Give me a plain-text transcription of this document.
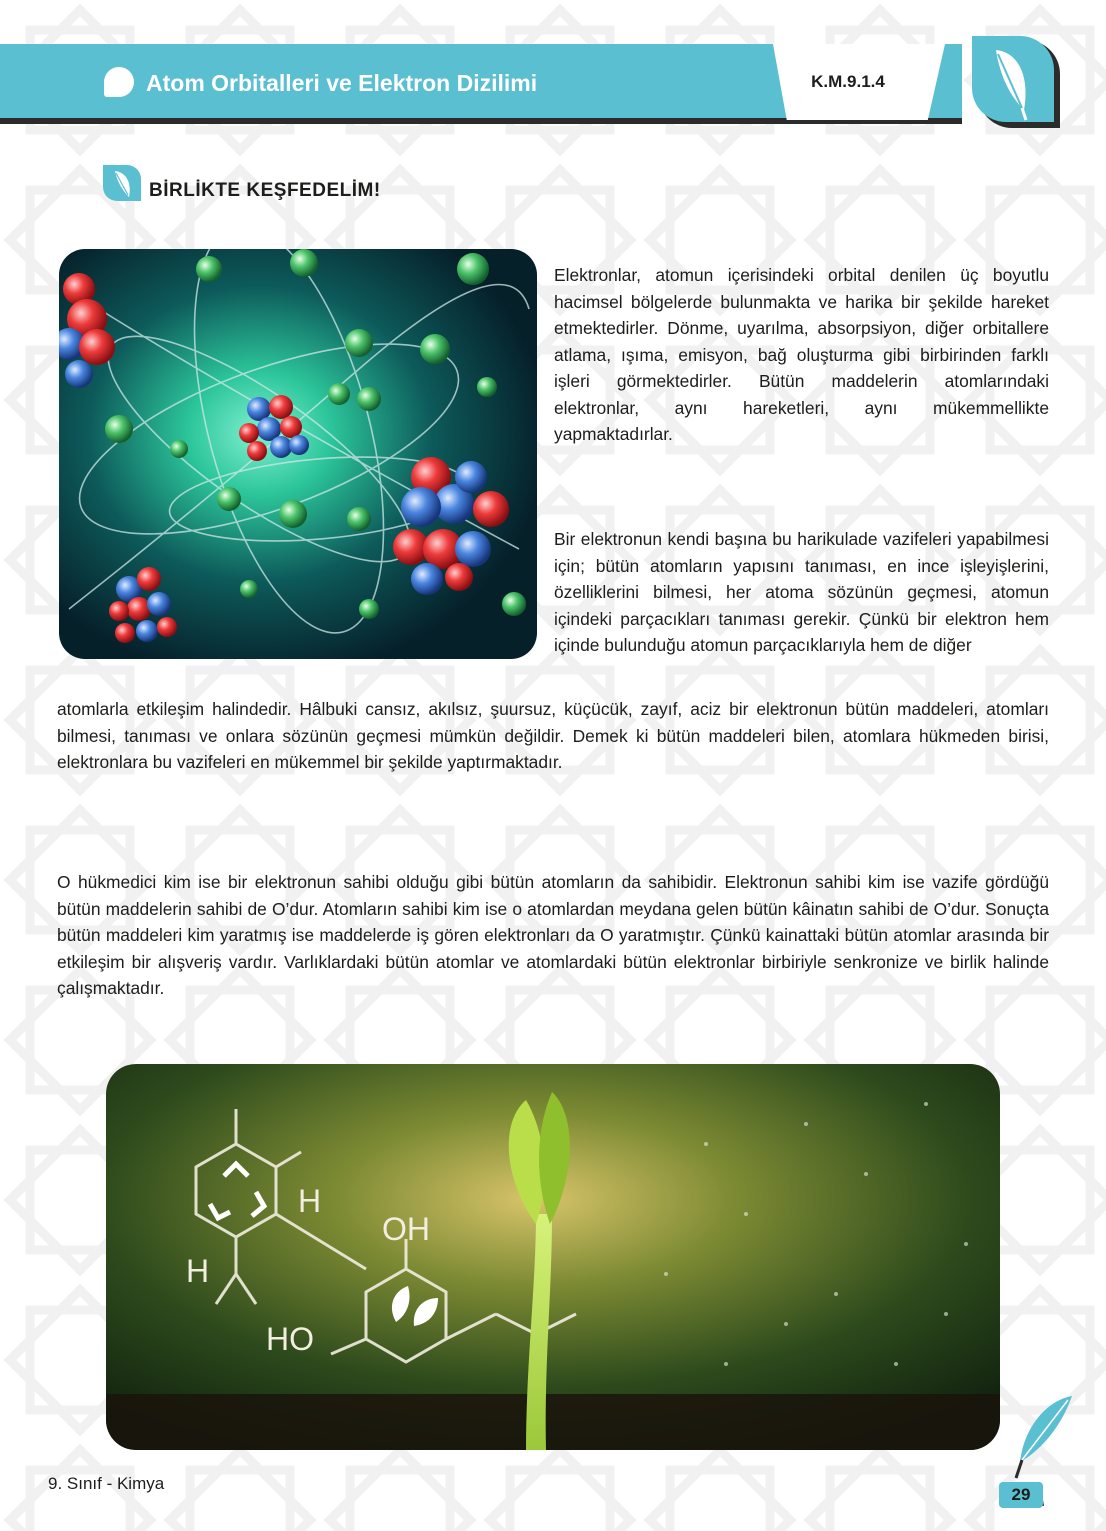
Atom Orbitalleri ve Elektron Dizilimi	K.M.9.1.4
BİRLİKTE KEŞFEDELİM!

Elektronlar, atomun içerisindeki orbital denilen üç boyutlu hacimsel bölgelerde bulunmakta ve harika bir şekilde hareket etmektedirler. Dönme, uyarılma, absorpsiyon, diğer orbitallere atlama, ışıma, emisyon, bağ oluşturma gibi birbirinden farklı işleri görmektedirler. Bütün maddelerin atomlarındaki elektronlar, aynı hareketleri, aynı mükemmellikte yapmaktadırlar.

Bir elektronun kendi başına bu harikulade vazifeleri yapabilmesi için; bütün atomların yapısını tanıması, en ince işleyişlerini, özelliklerini bilmesi, her atoma sözünün geçmesi, atomun içindeki parçacıkları tanıması gerekir. Çünkü bir elektron hem içinde bulunduğu atomun parçacıklarıyla hem de diğer

atomlarla etkileşim halindedir. Hâlbuki cansız, akılsız, şuursuz, küçücük, zayıf, aciz bir elektronun bütün maddeleri, atomları bilmesi, tanıması ve onlara sözünün geçmesi mümkün değildir. Demek ki bütün maddeleri bilen, atomlara hükmeden birisi, elektronlara bu vazifeleri en mükemmel bir şekilde yaptırmaktadır.

O hükmedici kim ise bir elektronun sahibi olduğu gibi bütün atomların da sahibidir. Elektronun sahibi kim ise vazife gördüğü bütün maddelerin sahibi de O’dur. Atomların sahibi kim ise o atomlardan meydana gelen bütün kâinatın sahibi de O’dur. Sonuçta bütün maddeleri kim yaratmış ise maddelerde iş gören elektronları da O yaratmıştır. Çünkü kainattaki bütün atomlar arasında bir etkileşim bir alışveriş vardır. Varlıklardaki bütün atomlar ve atomlardaki bütün elektronlar birbiriyle senkronize ve birlik halinde çalışmaktadır.

H
OH
H
HO
9. Sınıf - Kimya
29
